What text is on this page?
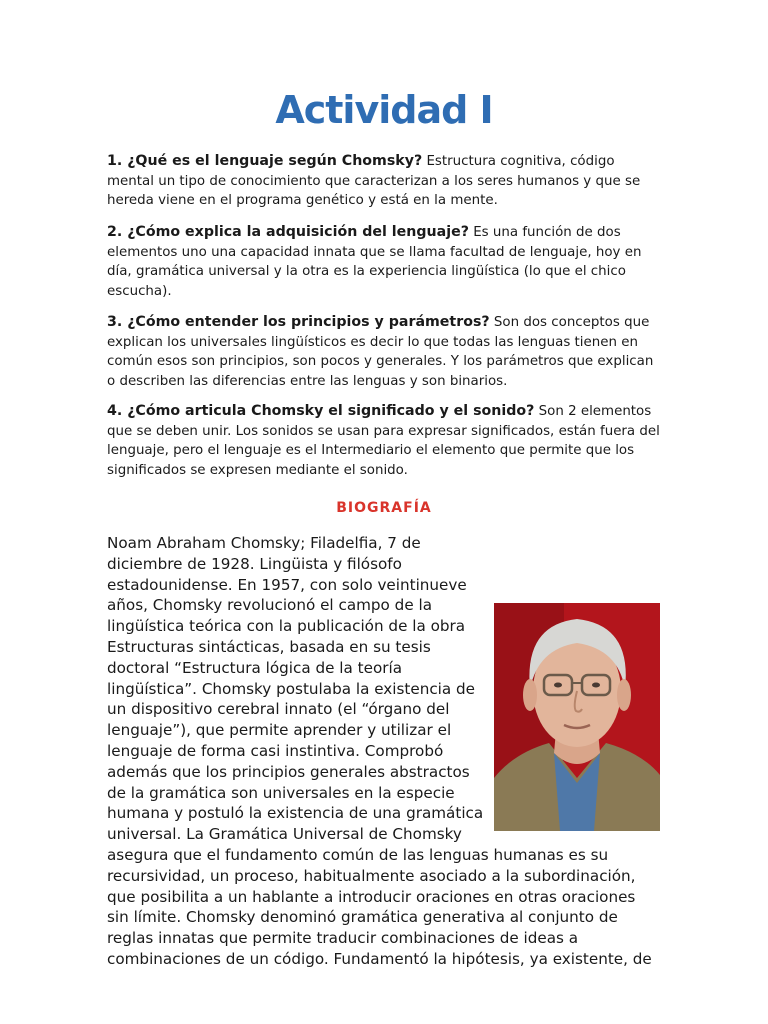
Actividad I

1. ¿Qué es el lenguaje según Chomsky? Estructura cognitiva, código mental un tipo de conocimiento que caracterizan a los seres humanos y que se hereda viene en el programa genético y está en la mente.

2. ¿Cómo explica la adquisición del lenguaje? Es una función de dos elementos uno una capacidad innata que se llama facultad de lenguaje, hoy en día, gramática universal y la otra es la experiencia lingüística (lo que el chico escucha).

3. ¿Cómo entender los principios y parámetros? Son dos conceptos que explican los universales lingüísticos es decir lo que todas las lenguas tienen en común esos son principios, son pocos y generales. Y los parámetros que explican o describen las diferencias entre las lenguas y son binarios.

4. ¿Cómo articula Chomsky el significado y el sonido? Son 2 elementos que se deben unir. Los sonidos se usan para expresar significados, están fuera del lenguaje, pero el lenguaje es el Intermediario el elemento que permite que los significados se expresen mediante el sonido.

BIOGRAFÍA
Noam Abraham Chomsky; Filadelfia, 7 de diciembre de 1928. Lingüista y filósofo estadounidense. En 1957, con solo veintinueve años, Chomsky revolucionó el campo de la lingüística teórica con la publicación de la obra Estructuras sintácticas, basada en su tesis doctoral “Estructura lógica de la teoría lingüística”. Chomsky postulaba la existencia de un dispositivo cerebral innato (el “órgano del lenguaje”), que permite aprender y utilizar el lenguaje de forma casi instintiva. Comprobó además que los principios generales abstractos de la gramática son universales en la especie humana y postuló la existencia de una gramática universal. La Gramática Universal de Chomsky asegura que el fundamento común de las lenguas humanas es su recursividad, un proceso, habitualmente asociado a la subordinación, que posibilita a un hablante a introducir oraciones en otras oraciones sin límite. Chomsky denominó gramática generativa al conjunto de reglas innatas que permite traducir combinaciones de ideas a combinaciones de un código. Fundamentó la hipótesis, ya existente, de
